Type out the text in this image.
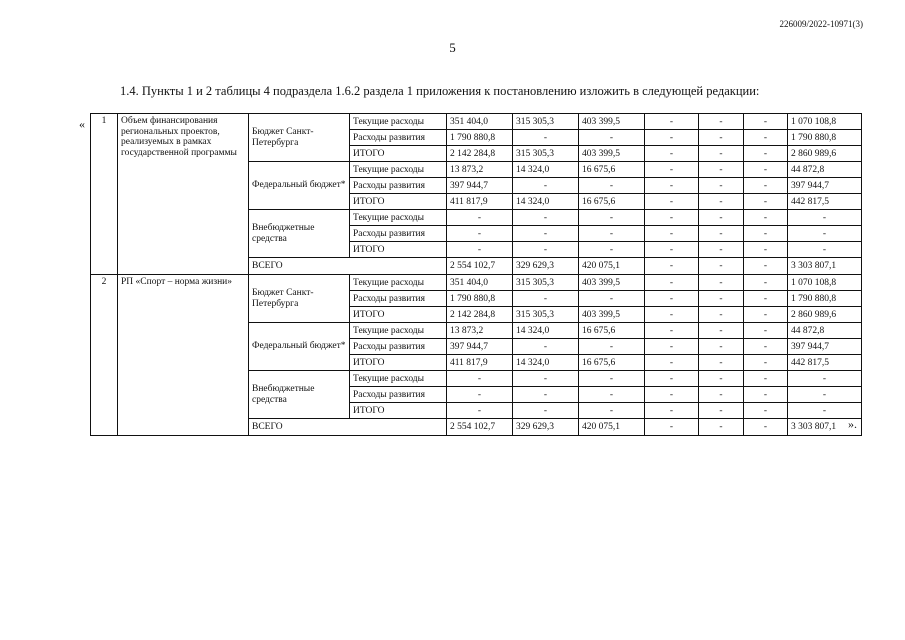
226009/2022-10971(3)
5
1.4. Пункты 1 и 2 таблицы 4 подраздела 1.6.2 раздела 1 приложения к постановлению изложить в следующей редакции:
«
».
1	Объем финансирования региональных проектов, реализуемых в рамках государственной программы	Бюджет Санкт-Петербурга	Текущие расходы	351 404,0	315 305,3	403 399,5	-	-	-	1 070 108,8
			Расходы развития	1 790 880,8	-	-	-	-	-	1 790 880,8
			ИТОГО	2 142 284,8	315 305,3	403 399,5	-	-	-	2 860 989,6
		Федеральный бюджет*	Текущие расходы	13 873,2	14 324,0	16 675,6	-	-	-	44 872,8
			Расходы развития	397 944,7	-	-	-	-	-	397 944,7
			ИТОГО	411 817,9	14 324,0	16 675,6	-	-	-	442 817,5
		Внебюджетные средства	Текущие расходы	-	-	-	-	-	-	-
			Расходы развития	-	-	-	-	-	-	-
			ИТОГО	-	-	-	-	-	-	-
		ВСЕГО		2 554 102,7	329 629,3	420 075,1	-	-	-	3 303 807,1
2	РП «Спорт – норма жизни»	Бюджет Санкт-Петербурга	Текущие расходы	351 404,0	315 305,3	403 399,5	-	-	-	1 070 108,8
			Расходы развития	1 790 880,8	-	-	-	-	-	1 790 880,8
			ИТОГО	2 142 284,8	315 305,3	403 399,5	-	-	-	2 860 989,6
		Федеральный бюджет*	Текущие расходы	13 873,2	14 324,0	16 675,6	-	-	-	44 872,8
			Расходы развития	397 944,7	-	-	-	-	-	397 944,7
			ИТОГО	411 817,9	14 324,0	16 675,6	-	-	-	442 817,5
		Внебюджетные средства	Текущие расходы	-	-	-	-	-	-	-
			Расходы развития	-	-	-	-	-	-	-
			ИТОГО	-	-	-	-	-	-	-
		ВСЕГО		2 554 102,7	329 629,3	420 075,1	-	-	-	3 303 807,1
